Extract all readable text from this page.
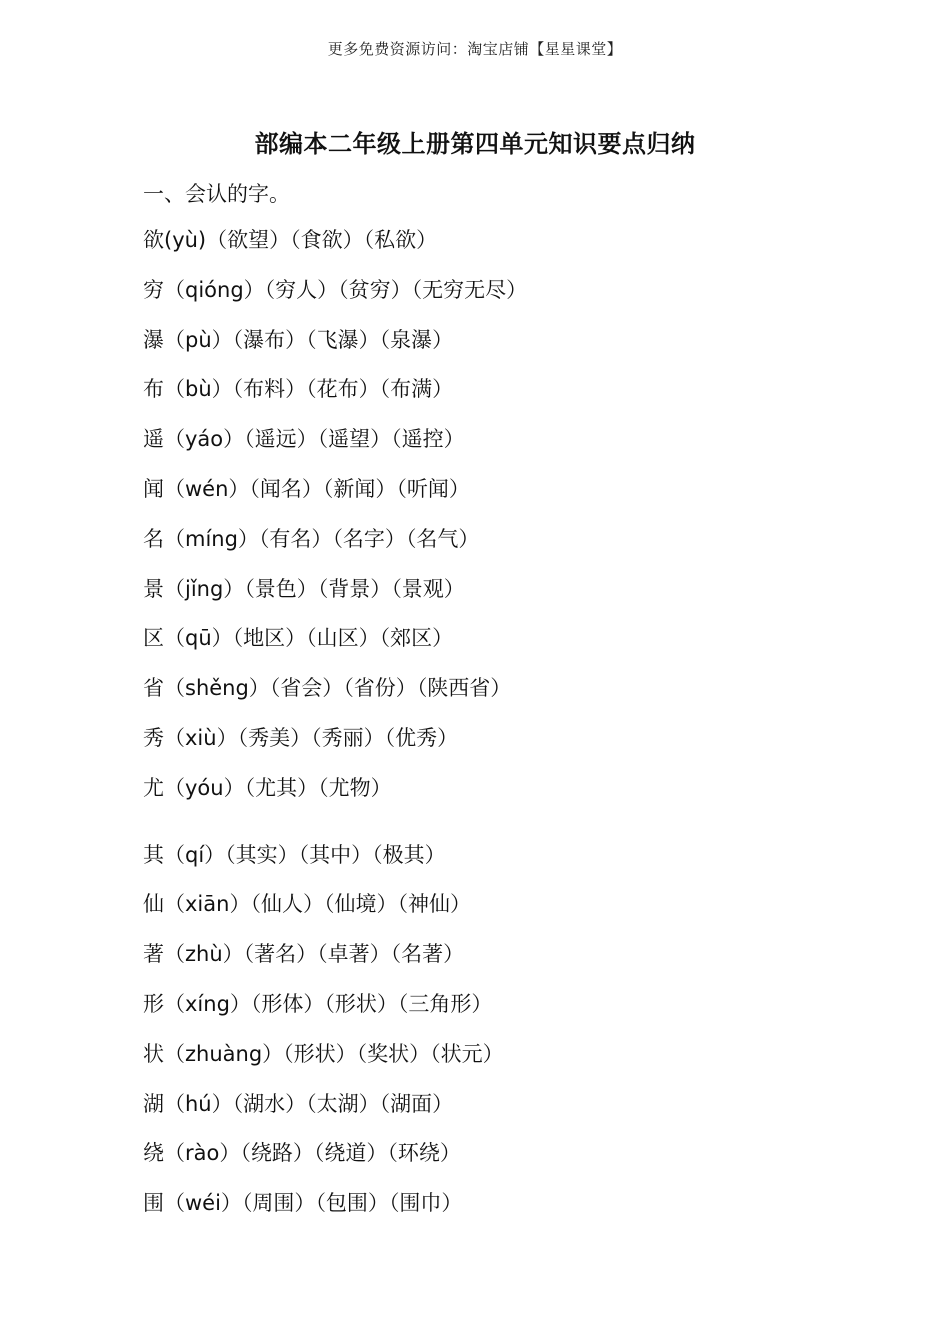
更多免费资源访问：淘宝店铺【星星课堂】
部编本二年级上册第四单元知识要点归纳
一、会认的字。
欲(yù)（欲望）（食欲）（私欲）
穷（qióng）（穷人）（贫穷）（无穷无尽）
瀑（pù）（瀑布）（飞瀑）（泉瀑）
布（bù）（布料）（花布）（布满）
遥（yáo）（遥远）（遥望）（遥控）
闻（wén）（闻名）（新闻）（听闻）
名（míng）（有名）（名字）（名气）
景（jǐng）（景色）（背景）（景观）
区（qū）（地区）（山区）（郊区）
省（shěng）（省会）（省份）（陕西省）
秀（xiù）（秀美）（秀丽）（优秀）
尤（yóu）（尤其）（尤物）
其（qí）（其实）（其中）（极其）
仙（xiān）（仙人）（仙境）（神仙）
著（zhù）（著名）（卓著）（名著）
形（xíng）（形体）（形状）（三角形）
状（zhuàng）（形状）（奖状）（状元）
湖（hú）（湖水）（太湖）（湖面）
绕（rào）（绕路）（绕道）（环绕）
围（wéi）（周围）（包围）（围巾）
